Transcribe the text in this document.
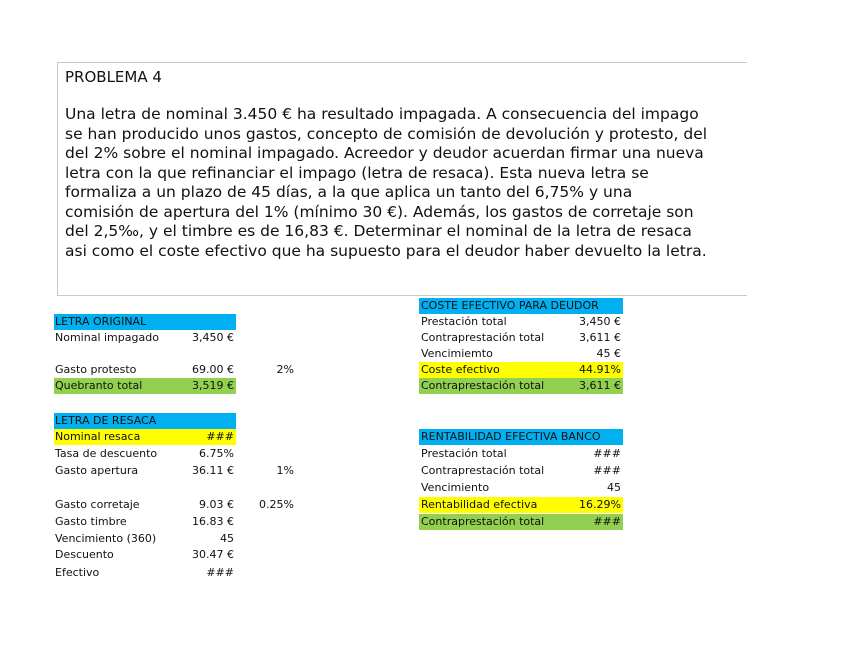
PROBLEMA 4
Una letra de nominal 3.450 € ha resultado impagada. A consecuencia del impago
se han producido unos gastos, concepto de comisión de devolución y protesto, del
del 2% sobre el nominal impagado. Acreedor y deudor acuerdan firmar una nueva
letra con la que refinanciar el impago (letra de resaca). Esta nueva letra se
formaliza a un plazo de 45 días, a la que aplica un tanto del 6,75% y una
comisión de apertura del 1% (mínimo 30 €). Además, los gastos de corretaje son
del 2,5‰, y el timbre es de 16,83 €. Determinar el nominal de la letra de resaca
asi como el coste efectivo que ha supuesto para el deudor haber devuelto la letra.
LETRA ORIGINAL
Nominal impagado	3,450 €
Gasto protesto	69.00 €	2%
Quebranto total	3,519 €
LETRA DE RESACA
Nominal resaca	###
Tasa de descuento	6.75%
Gasto apertura	36.11 €	1%
Gasto corretaje	9.03 €	0.25%
Gasto timbre	16.83 €
Vencimiento (360)	45
Descuento	30.47 €
Efectivo	###
COSTE EFECTIVO PARA DEUDOR
Prestación total	3,450 €
Contraprestación total	3,611 €
Vencimiemto	45 €
Coste efectivo	44.91%
Contraprestación total	3,611 €
RENTABILIDAD EFECTIVA BANCO
Prestación total	###
Contraprestación total	###
Vencimiento	45
Rentabilidad efectiva	16.29%
Contraprestación total	###
